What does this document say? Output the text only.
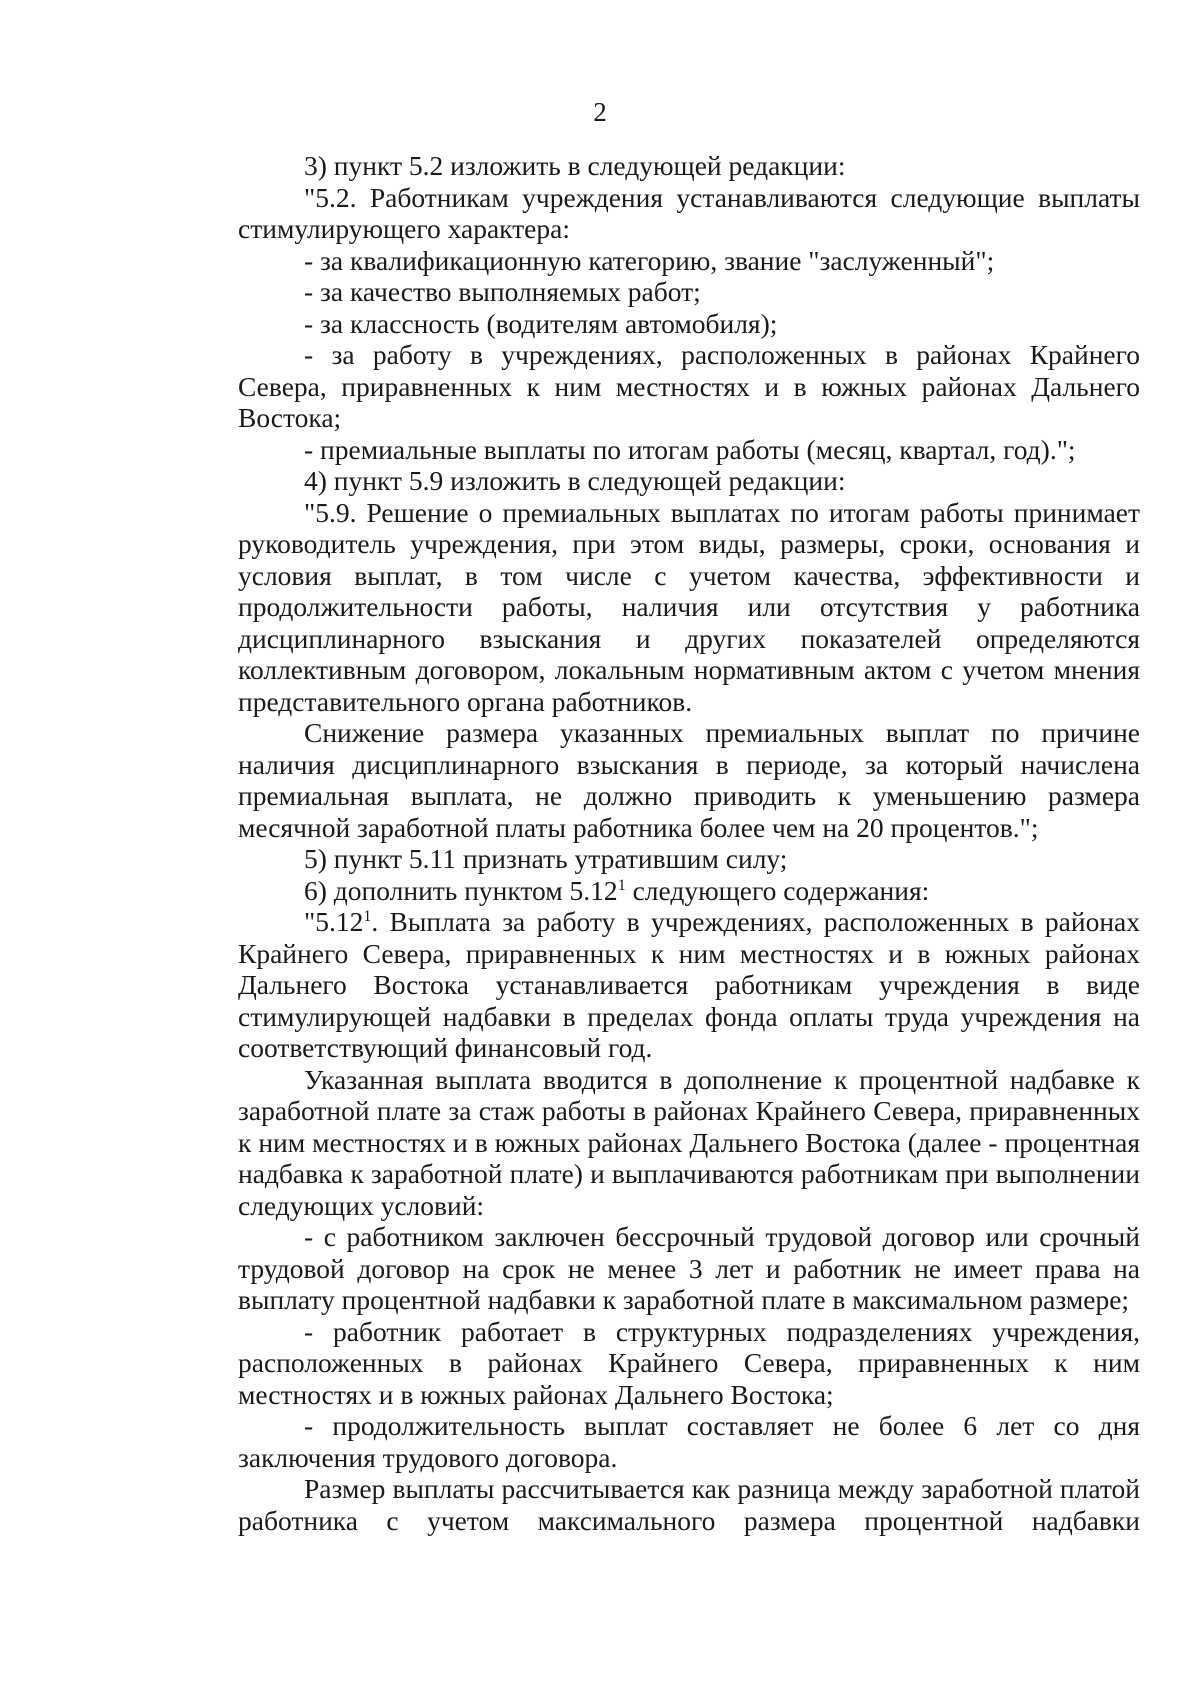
2

3) пункт 5.2 изложить в следующей редакции:

"5.2. Работникам учреждения устанавливаются следующие выплаты стимулирующего характера:

- за квалификационную категорию, звание "заслуженный";

- за качество выполняемых работ;

- за классность (водителям автомобиля);

- за работу в учреждениях, расположенных в районах Крайнего Севера, приравненных к ним местностях и в южных районах Дальнего Востока;

- премиальные выплаты по итогам работы (месяц, квартал, год).";

4) пункт 5.9 изложить в следующей редакции:

"5.9. Решение о премиальных выплатах по итогам работы принимает руководитель учреждения, при этом виды, размеры, сроки, основания и условия выплат, в том числе с учетом качества, эффективности и продолжительности работы, наличия или отсутствия у работника дисциплинарного взыскания и других показателей определяются коллективным договором, локальным нормативным актом с учетом мнения представительного органа работников.

Снижение размера указанных премиальных выплат по причине наличия дисциплинарного взыскания в периоде, за который начислена премиальная выплата, не должно приводить к уменьшению размера месячной заработной платы работника более чем на 20 процентов.";

5) пункт 5.11 признать утратившим силу;

6) дополнить пунктом 5.12$^1$ следующего содержания:

"5.12$^1$. Выплата за работу в учреждениях, расположенных в районах Крайнего Севера, приравненных к ним местностях и в южных районах Дальнего Востока устанавливается работникам учреждения в виде стимулирующей надбавки в пределах фонда оплаты труда учреждения на соответствующий финансовый год.

Указанная выплата вводится в дополнение к процентной надбавке к заработной плате за стаж работы в районах Крайнего Севера, приравненных к ним местностях и в южных районах Дальнего Востока (далее - процентная надбавка к заработной плате) и выплачиваются работникам при выполнении следующих условий:

- с работником заключен бессрочный трудовой договор или срочный трудовой договор на срок не менее 3 лет и работник не имеет права на выплату процентной надбавки к заработной плате в максимальном размере;

- работник работает в структурных подразделениях учреждения, расположенных в районах Крайнего Севера, приравненных к ним местностях и в южных районах Дальнего Востока;

- продолжительность выплат составляет не более 6 лет со дня заключения трудового договора.

Размер выплаты рассчитывается как разница между заработной платой работника с учетом максимального размера процентной надбавки
